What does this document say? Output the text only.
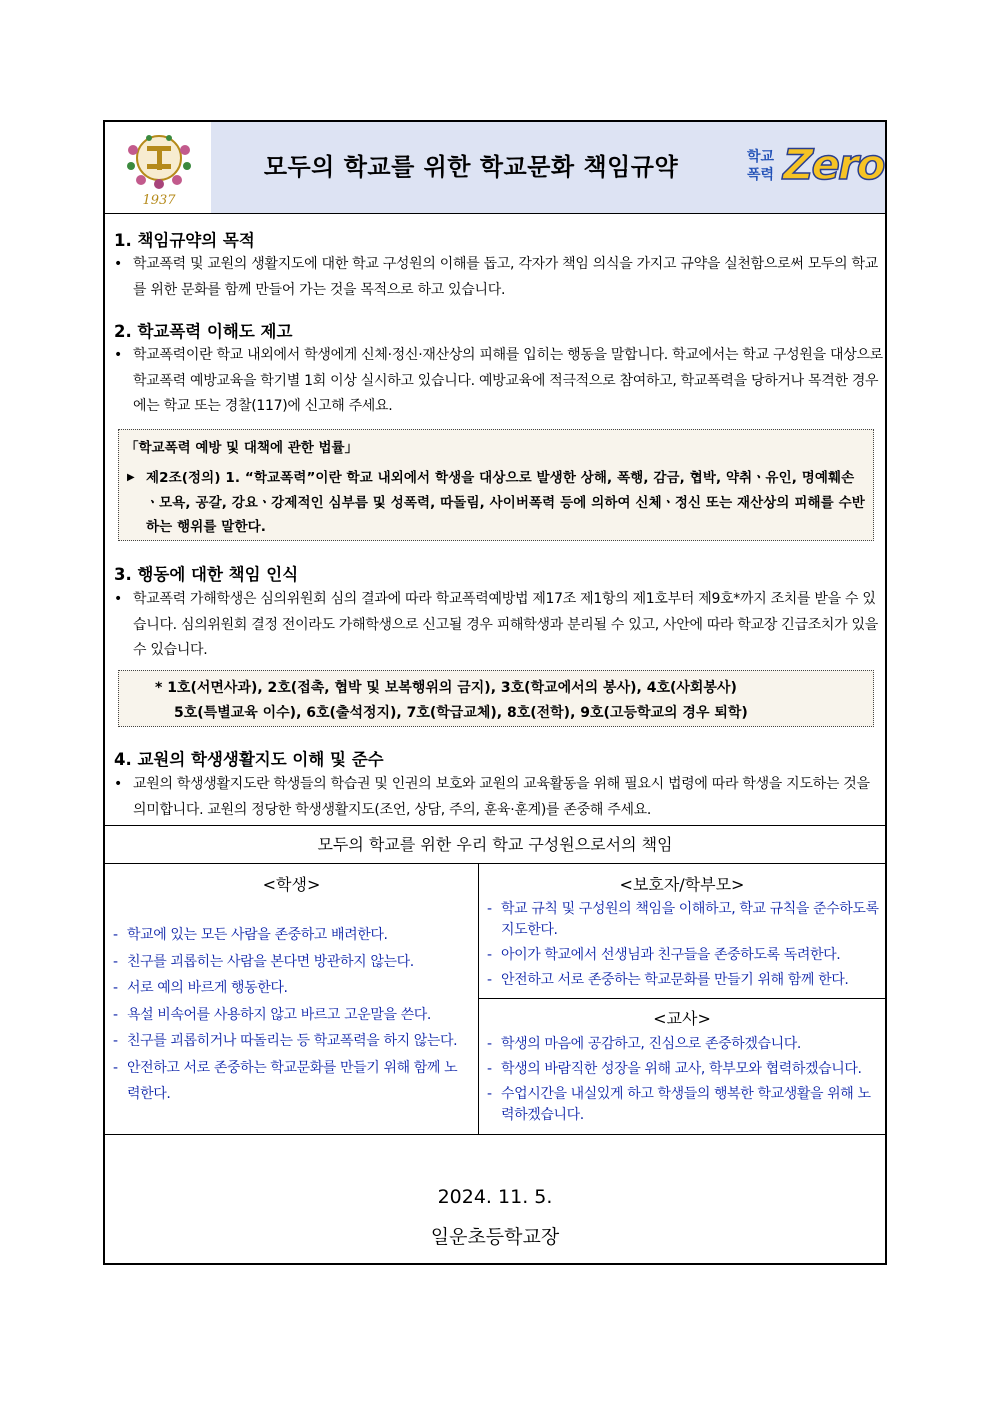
1937
모두의 학교를 위한 학교문화 책임규약	학교
폭력 Zero
1. 책임규약의 목적
• 학교폭력 및 교원의 생활지도에 대한 학교 구성원의 이해를 돕고, 각자가 책임 의식을 가지고 규약을 실천함으로써 모두의 학교를 위한 문화를 함께 만들어 가는 것을 목적으로 하고 있습니다.
2. 학교폭력 이해도 제고
• 학교폭력이란 학교 내외에서 학생에게 신체·정신·재산상의 피해를 입히는 행동을 말합니다. 학교에서는 학교 구성원을 대상으로 학교폭력 예방교육을 학기별 1회 이상 실시하고 있습니다. 예방교육에 적극적으로 참여하고, 학교폭력을 당하거나 목격한 경우에는 학교 또는 경찰(117)에 신고해 주세요.
「학교폭력 예방 및 대책에 관한 법률」
▶ 제2조(정의) 1. “학교폭력”이란 학교 내외에서 학생을 대상으로 발생한 상해, 폭행, 감금, 협박, 약취ㆍ유인, 명예훼손ㆍ모욕, 공갈, 강요ㆍ강제적인 심부름 및 성폭력, 따돌림, 사이버폭력 등에 의하여 신체ㆍ정신 또는 재산상의 피해를 수반하는 행위를 말한다.
3. 행동에 대한 책임 인식
• 학교폭력 가해학생은 심의위원회 심의 결과에 따라 학교폭력예방법 제17조 제1항의 제1호부터 제9호*까지 조치를 받을 수 있습니다. 심의위원회 결정 전이라도 가해학생으로 신고될 경우 피해학생과 분리될 수 있고, 사안에 따라 학교장 긴급조치가 있을 수 있습니다.
* 1호(서면사과), 2호(접촉, 협박 및 보복행위의 금지), 3호(학교에서의 봉사), 4호(사회봉사)
5호(특별교육 이수), 6호(출석정지), 7호(학급교체), 8호(전학), 9호(고등학교의 경우 퇴학)
4. 교원의 학생생활지도 이해 및 준수
• 교원의 학생생활지도란 학생들의 학습권 및 인권의 보호와 교원의 교육활동을 위해 필요시 법령에 따라 학생을 지도하는 것을 의미합니다. 교원의 정당한 학생생활지도(조언, 상담, 주의, 훈육·훈계)를 존중해 주세요.
모두의 학교를 위한 우리 학교 구성원으로서의 책임
<학생>
- 학교에 있는 모든 사람을 존중하고 배려한다.
- 친구를 괴롭히는 사람을 본다면 방관하지 않는다.
- 서로 예의 바르게 행동한다.
- 욕설 비속어를 사용하지 않고 바르고 고운말을 쓴다.
- 친구를 괴롭히거나 따돌리는 등 학교폭력을 하지 않는다.
- 안전하고 서로 존중하는 학교문화를 만들기 위해 함께 노력한다.
<보호자/학부모>
- 학교 규칙 및 구성원의 책임을 이해하고, 학교 규칙을 준수하도록 지도한다.
- 아이가 학교에서 선생님과 친구들을 존중하도록 독려한다.
- 안전하고 서로 존중하는 학교문화를 만들기 위해 함께 한다.
<교사>
- 학생의 마음에 공감하고, 진심으로 존중하겠습니다.
- 학생의 바람직한 성장을 위해 교사, 학부모와 협력하겠습니다.
- 수업시간을 내실있게 하고 학생들의 행복한 학교생활을 위해 노력하겠습니다.
2024. 11. 5.
일운초등학교장
